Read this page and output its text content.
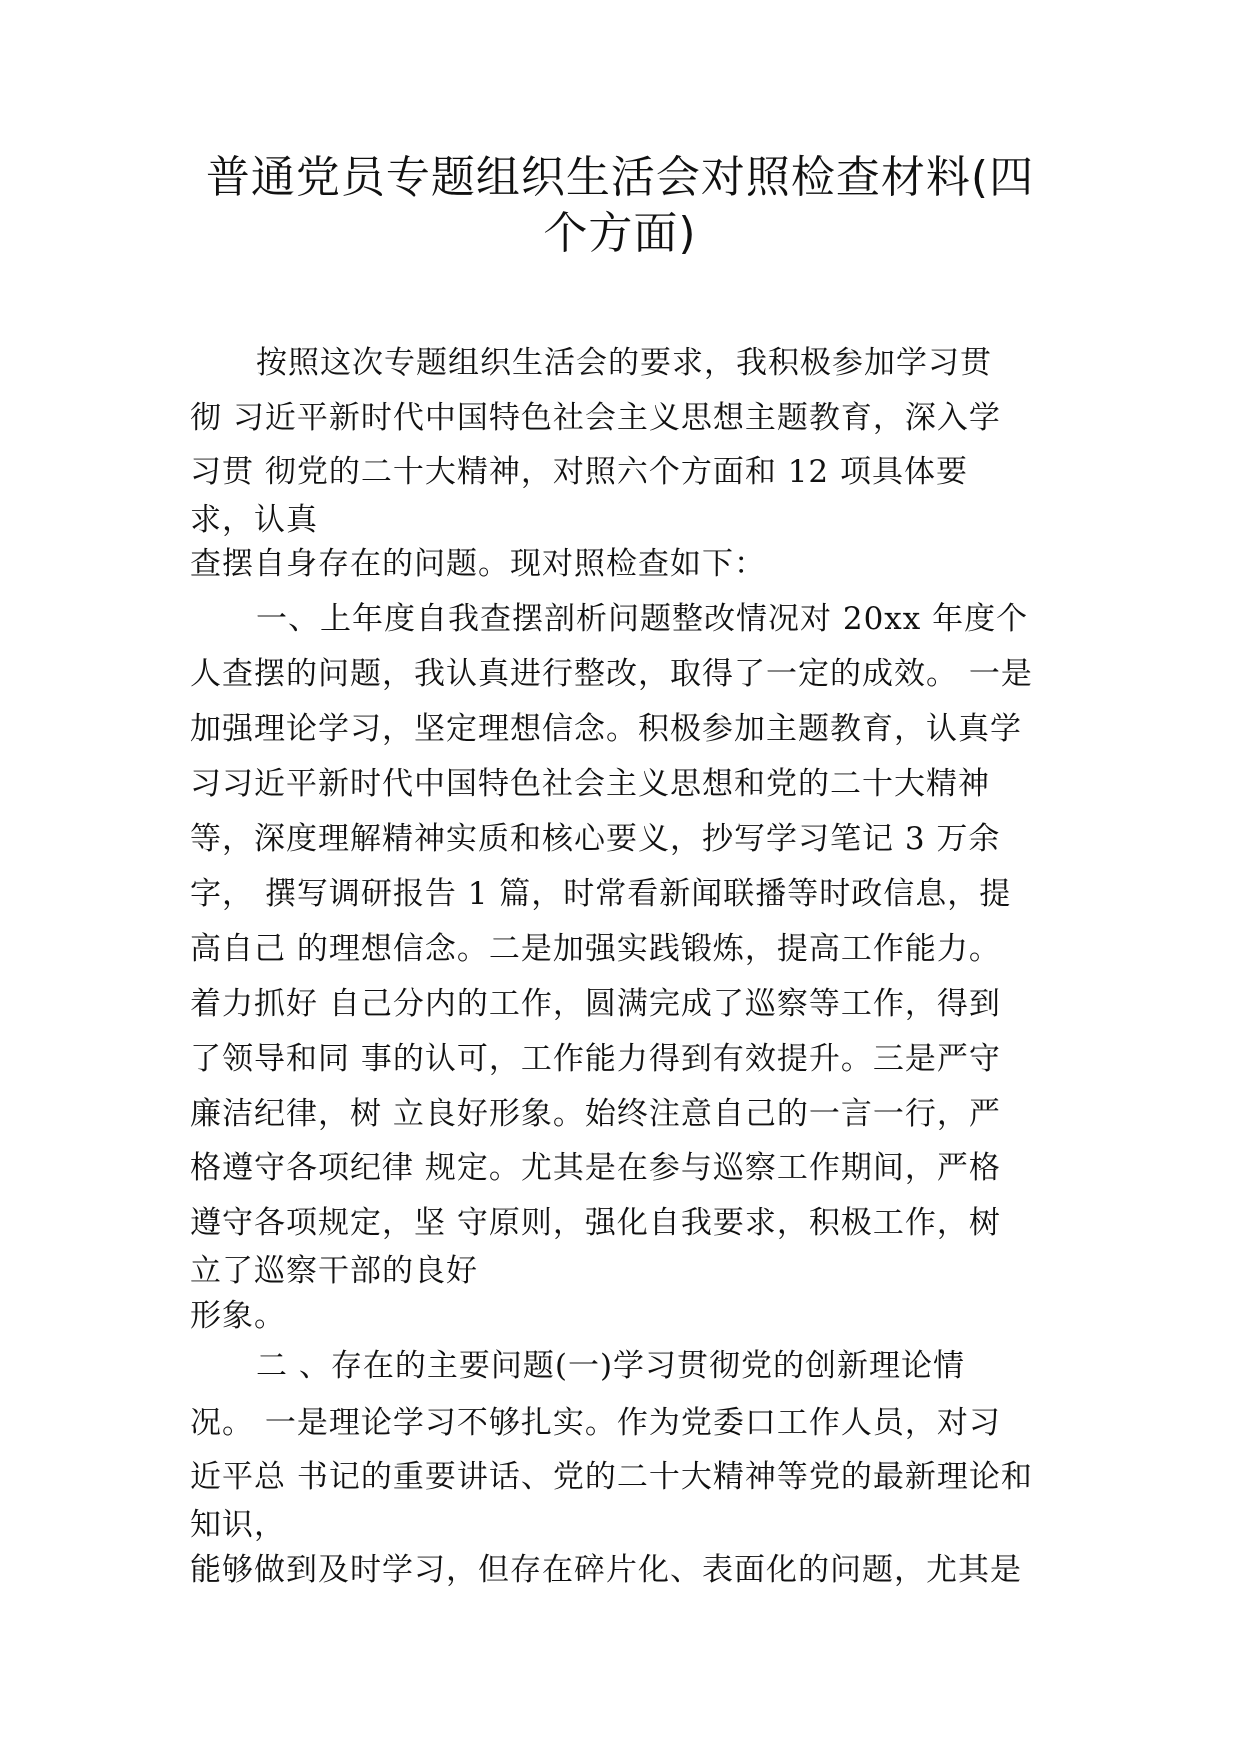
普通党员专题组织生活会对照检查材料(四
个方面)
按照这次专题组织生活会的要求，我积极参加学习贯
彻 习近平新时代中国特色社会主义思想主题教育，深入学
习贯 彻党的二十大精神，对照六个方面和 12 项具体要
求，认真
查摆自身存在的问题。现对照检查如下：
一、上年度自我查摆剖析问题整改情况对 20xx 年度个
人查摆的问题，我认真进行整改，取得了一定的成效。 一是
加强理论学习，坚定理想信念。积极参加主题教育，认真学
习习近平新时代中国特色社会主义思想和党的二十大精神
等，深度理解精神实质和核心要义，抄写学习笔记 3 万余
字， 撰写调研报告 1 篇，时常看新闻联播等时政信息，提
高自己 的理想信念。二是加强实践锻炼，提高工作能力。
着力抓好 自己分内的工作，圆满完成了巡察等工作，得到
了领导和同 事的认可，工作能力得到有效提升。三是严守
廉洁纪律，树 立良好形象。始终注意自己的一言一行，严
格遵守各项纪律 规定。尤其是在参与巡察工作期间，严格
遵守各项规定，坚 守原则，强化自我要求，积极工作，树
立了巡察干部的良好
形象。
二 、存在的主要问题(一)学习贯彻党的创新理论情
况。 一是理论学习不够扎实。作为党委口工作人员，对习
近平总 书记的重要讲话、党的二十大精神等党的最新理论和
知识，
能够做到及时学习，但存在碎片化、表面化的问题，尤其是
